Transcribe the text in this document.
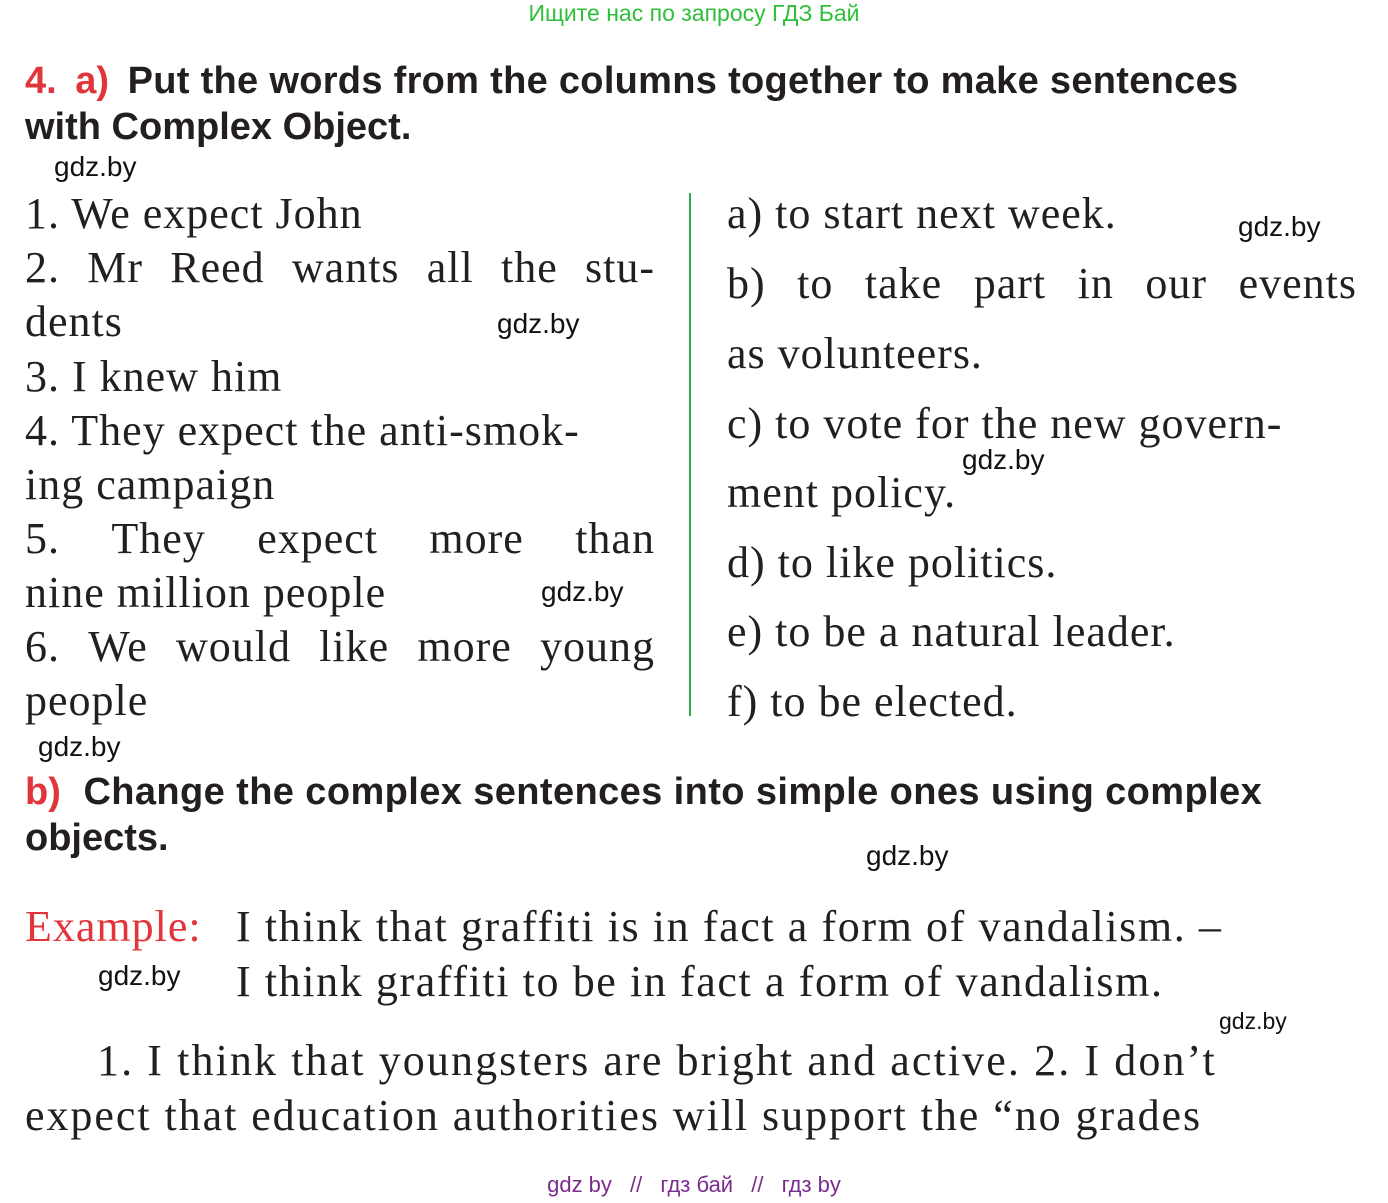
Ищите нас по запросу ГДЗ Бай
4. a) Put the words from the columns together to make sentences
with Complex Object.
1. We expect John
2. Mr Reed wants all the stu-
dents
3. I knew him
4. They expect the anti-smok-
ing campaign
5. They expect more than
nine million people
6. We would like more young
people
a) to start next week.
b) to take part in our events
as volunteers.
c) to vote for the new govern-
ment policy.
d) to like politics.
e) to be a natural leader.
f) to be elected.
b) Change the complex sentences into simple ones using complex
objects.
Example: I think that graffiti is in fact a form of vandalism. –
I think graffiti to be in fact a form of vandalism.
1. I think that youngsters are bright and active. 2. I don’t
expect that education authorities will support the “no grades
gdz.by
gdz.by
gdz.by
gdz.by
gdz.by
gdz.by
gdz.by
gdz.by
gdz.by
gdz by // гдз бай // гдз by
